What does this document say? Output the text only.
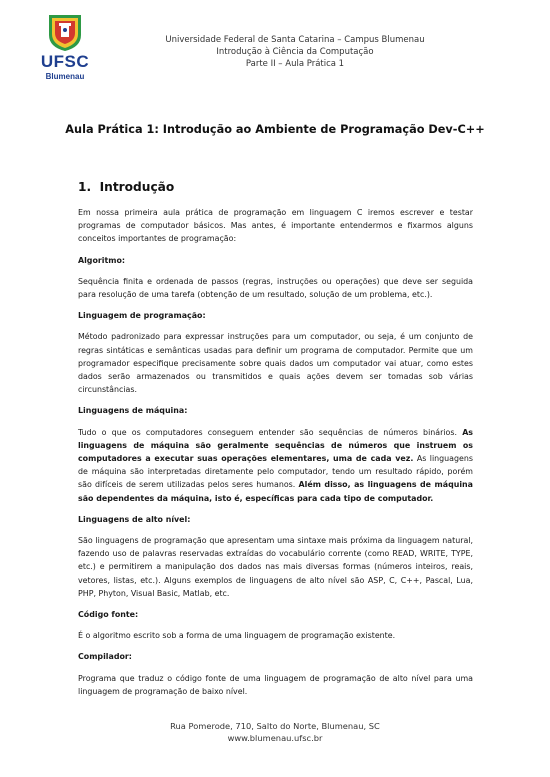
UFSC
Blumenau
Universidade Federal de Santa Catarina – Campus Blumenau
Introdução à Ciência da Computação
Parte II – Aula Prática 1
Aula Prática 1: Introdução ao Ambiente de Programação Dev-C++
1. Introdução

Em nossa primeira aula prática de programação em linguagem C iremos escrever e testar programas de computador básicos. Mas antes, é importante entendermos e fixarmos alguns conceitos importantes de programação:

Algoritmo:

Sequência finita e ordenada de passos (regras, instruções ou operações) que deve ser seguida para resolução de uma tarefa (obtenção de um resultado, solução de um problema, etc.).

Linguagem de programação:

Método padronizado para expressar instruções para um computador, ou seja, é um conjunto de regras sintáticas e semânticas usadas para definir um programa de computador. Permite que um programador especifique precisamente sobre quais dados um computador vai atuar, como estes dados serão armazenados ou transmitidos e quais ações devem ser tomadas sob várias circunstâncias.

Linguagens de máquina:

Tudo o que os computadores conseguem entender são sequências de números binários. As linguagens de máquina são geralmente sequências de números que instruem os computadores a executar suas operações elementares, uma de cada vez. As linguagens de máquina são interpretadas diretamente pelo computador, tendo um resultado rápido, porém são difíceis de serem utilizadas pelos seres humanos. Além disso, as linguagens de máquina são dependentes da máquina, isto é, específicas para cada tipo de computador.

Linguagens de alto nível:

São linguagens de programação que apresentam uma sintaxe mais próxima da linguagem natural, fazendo uso de palavras reservadas extraídas do vocabulário corrente (como READ, WRITE, TYPE, etc.) e permitirem a manipulação dos dados nas mais diversas formas (números inteiros, reais, vetores, listas, etc.). Alguns exemplos de linguagens de alto nível são ASP, C, C++, Pascal, Lua, PHP, Phyton, Visual Basic, Matlab, etc.

Código fonte:

É o algoritmo escrito sob a forma de uma linguagem de programação existente.

Compilador:

Programa que traduz o código fonte de uma linguagem de programação de alto nível para uma linguagem de programação de baixo nível.

Rua Pomerode, 710, Salto do Norte, Blumenau, SC
www.blumenau.ufsc.br
